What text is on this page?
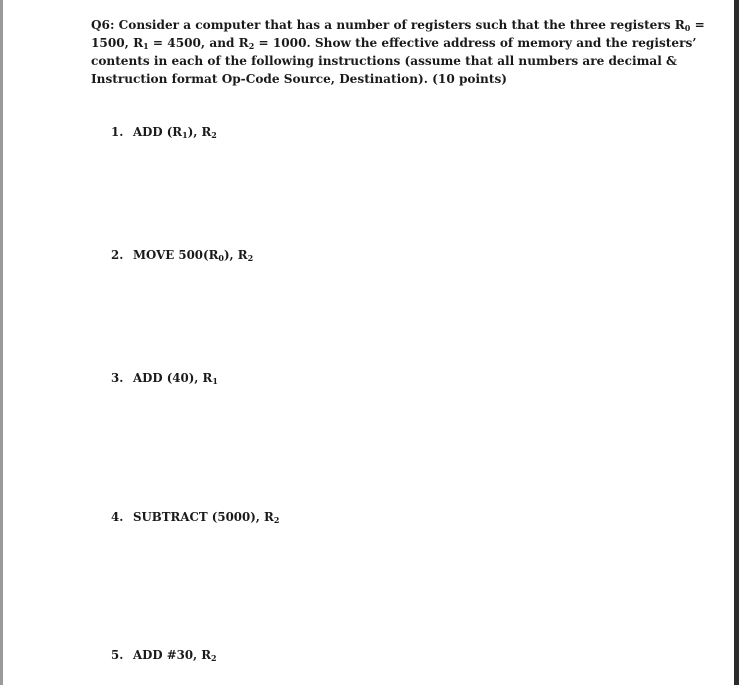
Q6: Consider a computer that has a number of registers such that the three registers $R_0$ =
1500, $R_1 = 4500$, and $R_2 = 1000$. Show the effective address of memory and the registers’
contents in each of the following instructions (assume that all numbers are decimal &
Instruction format Op-Code Source, Destination). (10 points)
1. ADD $(R_1)$, $R_2$
2. MOVE $500(R_0)$, $R_2$
3. ADD (40), $R_1$
4. SUBTRACT (5000), $R_2$
5. ADD #30, $R_2$
